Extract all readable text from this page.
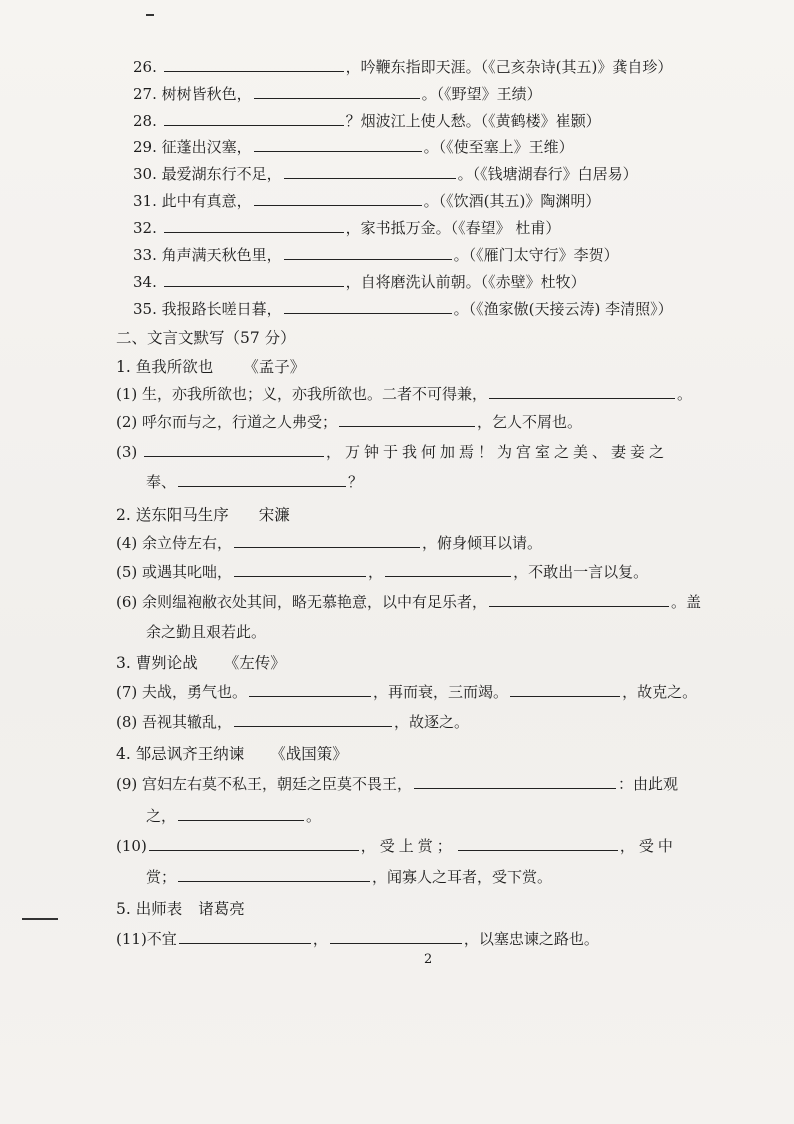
26.	，吟鞭东指即天涯。（《己亥杂诗(其五)》龚自珍）
27. 树树皆秋色，	。（《野望》王绩）
28.	？烟波江上使人愁。（《黄鹤楼》崔颢）
29. 征蓬出汉塞，	。（《使至塞上》王维）
30. 最爱湖东行不足，	。（《钱塘湖春行》白居易）
31. 此中有真意，	。（《饮酒(其五)》陶渊明）
32.	，家书抵万金。（《春望》 杜甫）
33. 角声满天秋色里，	。（《雁门太守行》李贺）
34.	，自将磨洗认前朝。（《赤壁》杜牧）
35. 我报路长嗟日暮，	。（《渔家傲(天接云涛) 李清照》）
二、文言文默写（57 分）
1. 鱼我所欲也 《孟子》
(1) 生，亦我所欲也；义，亦我所欲也。二者不可得兼，	。
(2) 呼尔而与之，行道之人弗受；	，乞人不屑也。
(3)	，万钟于我何加焉！为宫室之美、妻妾之
奉、	？
2. 送东阳马生序 宋濂
(4) 余立侍左右，	，俯身倾耳以请。
(5) 或遇其叱咄，	，	，不敢出一言以复。
(6) 余则缊袍敝衣处其间，略无慕艳意，以中有足乐者，	。盖
余之勤且艰若此。
3. 曹刿论战 《左传》
(7) 夫战，勇气也。	，再而衰，三而竭。	，故克之。
(8) 吾视其辙乱，	，故逐之。
4. 邹忌讽齐王纳谏 《战国策》
(9) 宫妇左右莫不私王，朝廷之臣莫不畏王，	：由此观
之，	。
(10)	，受上赏；	，受中
赏；	，闻寡人之耳者，受下赏。
5. 出师表 诸葛亮
(11)不宜	，	，以塞忠谏之路也。
2
